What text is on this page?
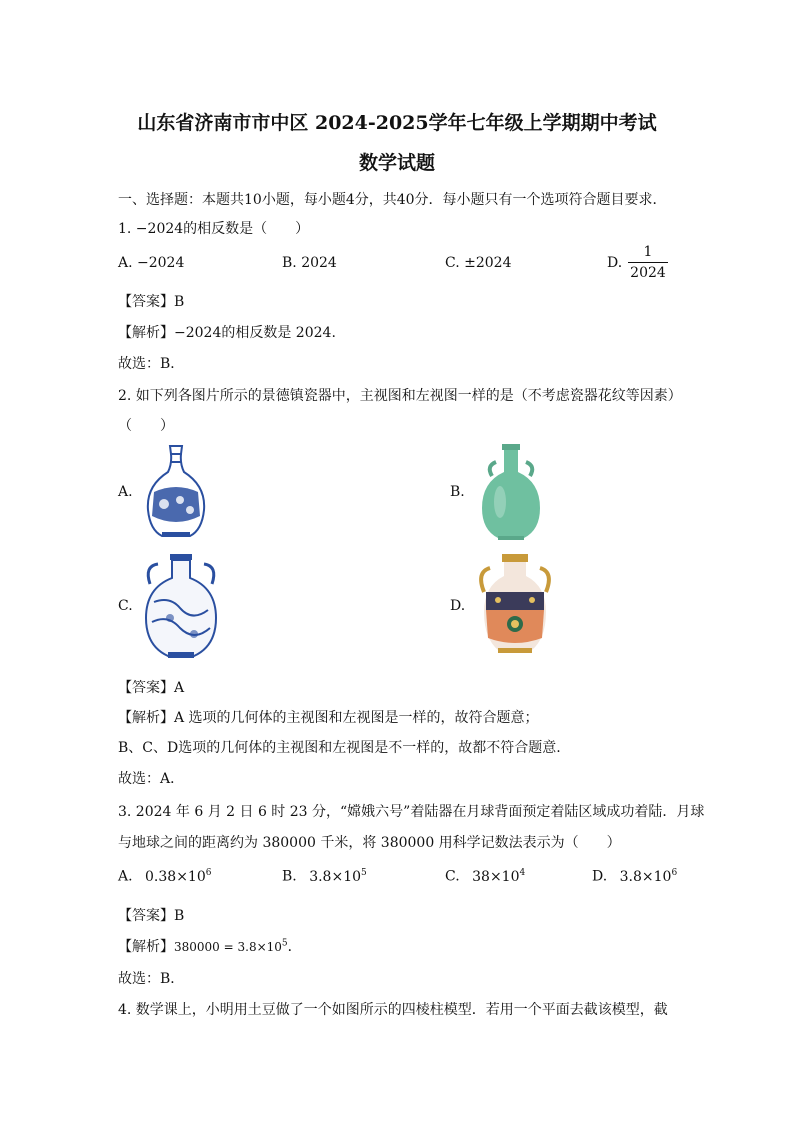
山东省济南市市中区 2024-2025学年七年级上学期期中考试
数学试题
一、选择题：本题共10小题，每小题4分，共40分．每小题只有一个选项符合题目要求．
1. −2024的相反数是（　　）
A. −2024	B. 2024	C. ±2024	D.
1
2024
【答案】B
【解析】−2024的相反数是 2024.
故选：B．
2. 如下列各图片所示的景德镇瓷器中，主视图和左视图一样的是（不考虑瓷器花纹等因素）
（　　）
A.	B.
C.	D.
【答案】A
【解析】A 选项的几何体的主视图和左视图是一样的，故符合题意；
B、C、D选项的几何体的主视图和左视图是不一样的，故都不符合题意.
故选：A．
3. 2024 年 6 月 2 日 6 时 23 分，“嫦娥六号”着陆器在月球背面预定着陆区域成功着陆．月球
与地球之间的距离约为 380000 千米，将 380000 用科学记数法表示为（　　）
A. $0.38\times 10^6$	B. $3.8\times 10^5$	C. $38\times 10^4$	D. $3.8\times 10^6$
【答案】B
【解析】$380000 = 3.8\times 10^5$．
故选：B．
4. 数学课上，小明用土豆做了一个如图所示的四棱柱模型．若用一个平面去截该模型，截
